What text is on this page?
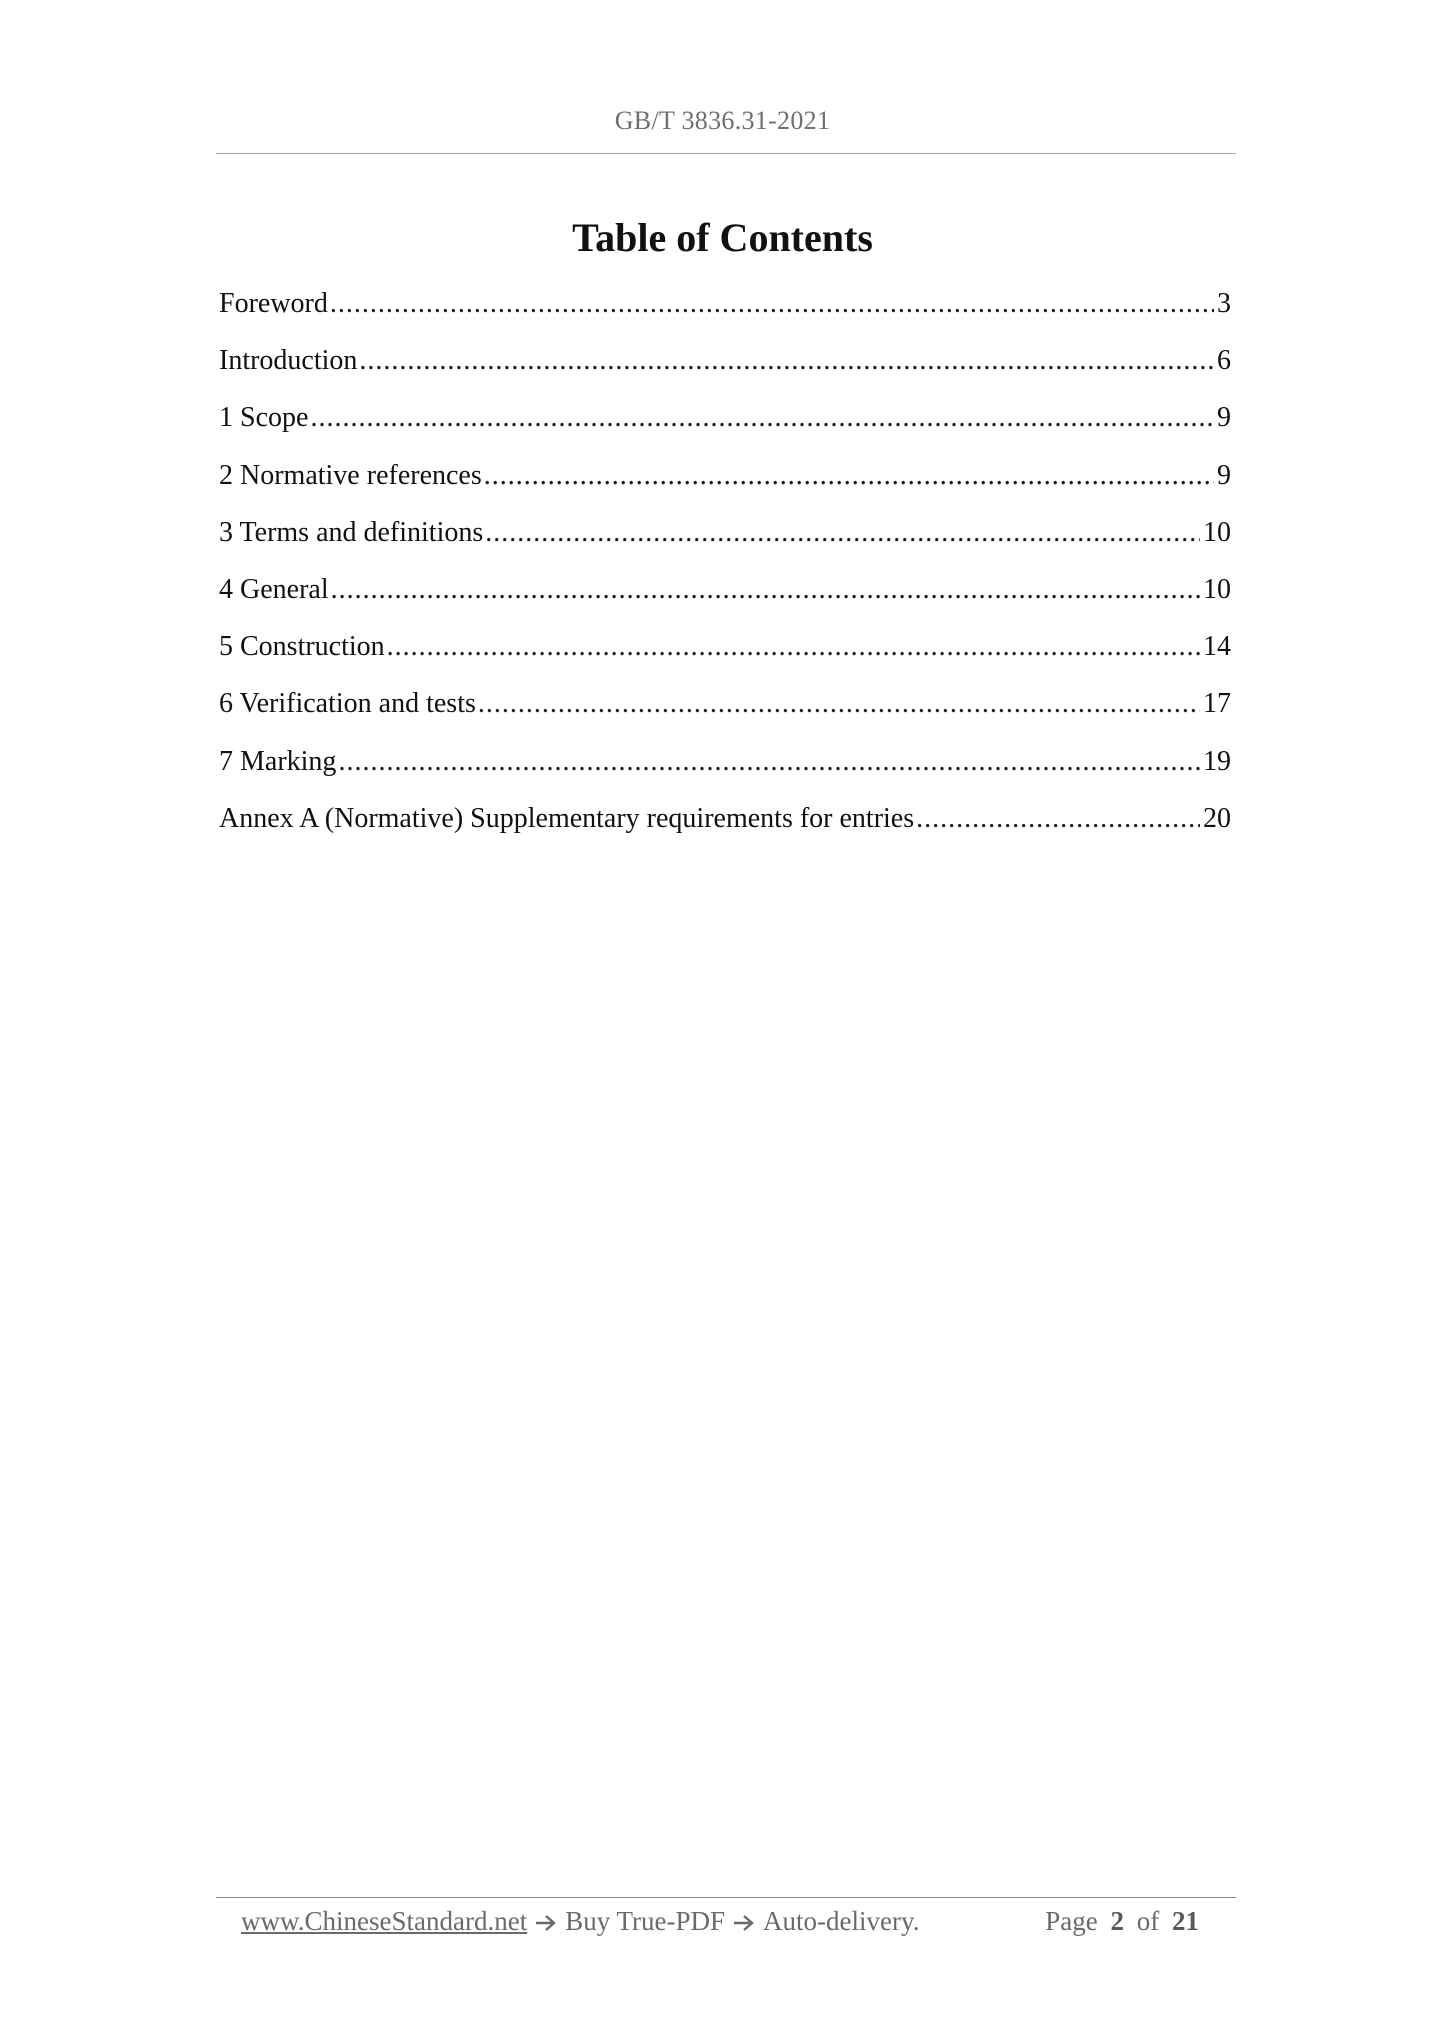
GB/T 3836.31-2021
Table of Contents
Foreword .....	3
Introduction .....	6
1 Scope .....	9
2 Normative references .....	9
3 Terms and definitions .....	10
4 General .....	10
5 Construction .....	14
6 Verification and tests .....	17
7 Marking .....	19
Annex A (Normative) Supplementary requirements for entries .....	20
www.ChineseStandard.net Buy True-PDF Auto-delivery.	Page 2 of 21
